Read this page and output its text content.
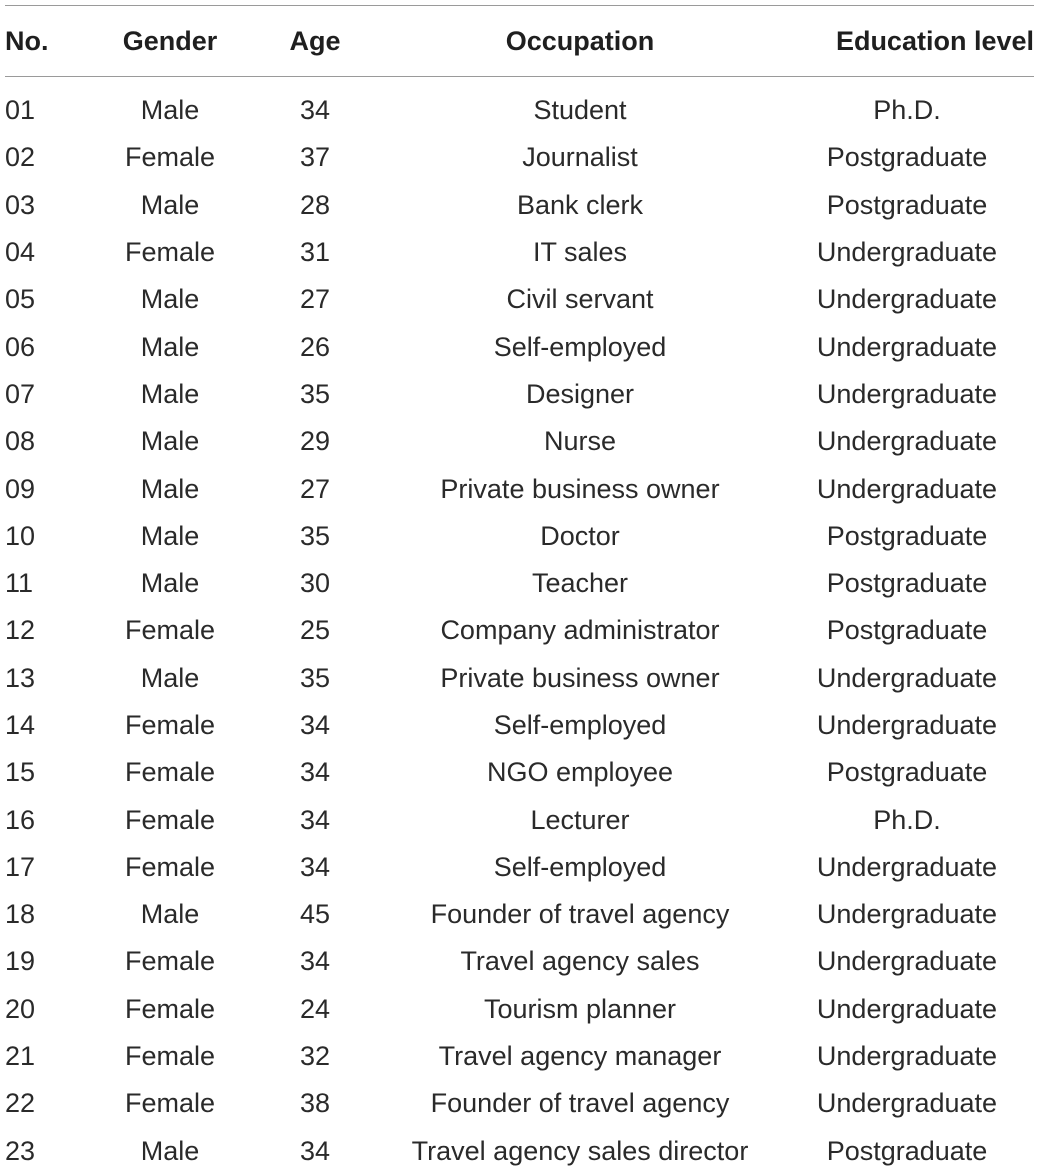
No.	Gender	Age	Occupation	Education level
01	Male	34	Student	Ph.D.
02	Female	37	Journalist	Postgraduate
03	Male	28	Bank clerk	Postgraduate
04	Female	31	IT sales	Undergraduate
05	Male	27	Civil servant	Undergraduate
06	Male	26	Self-employed	Undergraduate
07	Male	35	Designer	Undergraduate
08	Male	29	Nurse	Undergraduate
09	Male	27	Private business owner	Undergraduate
10	Male	35	Doctor	Postgraduate
11	Male	30	Teacher	Postgraduate
12	Female	25	Company administrator	Postgraduate
13	Male	35	Private business owner	Undergraduate
14	Female	34	Self-employed	Undergraduate
15	Female	34	NGO employee	Postgraduate
16	Female	34	Lecturer	Ph.D.
17	Female	34	Self-employed	Undergraduate
18	Male	45	Founder of travel agency	Undergraduate
19	Female	34	Travel agency sales	Undergraduate
20	Female	24	Tourism planner	Undergraduate
21	Female	32	Travel agency manager	Undergraduate
22	Female	38	Founder of travel agency	Undergraduate
23	Male	34	Travel agency sales director	Postgraduate
